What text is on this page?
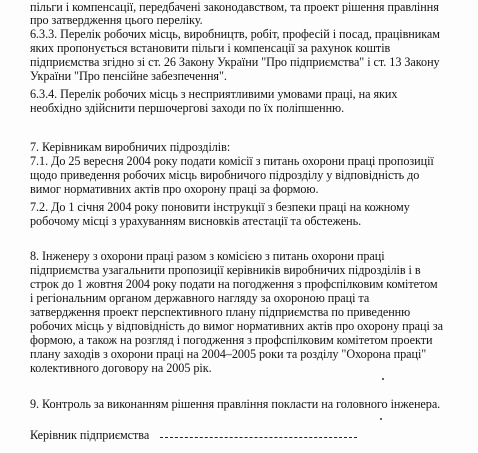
пільги і компенсації, передбачені законодавством, та проект рішення правління
про затвердження цього переліку.
6.3.3. Перелік робочих місць, виробництв, робіт, професій і посад, працівникам
яких пропонується встановити пільги і компенсації за рахунок коштів
підприємства згідно зі ст. 26 Закону України "Про підприємства" і ст. 13 Закону
України "Про пенсійне забезпечення".
6.3.4. Перелік робочих місць з несприятливими умовами праці, на яких
необхідно здійснити першочергові заходи по їх поліпшенню.
7. Керівникам виробничих підрозділів:
7.1. До 25 вересня 2004 року подати комісії з питань охорони праці пропозиції
щодо приведення робочих місць виробничого підрозділу у відповідність до
вимог нормативних актів про охорону праці за формою.
7.2. До 1 січня 2004 року поновити інструкції з безпеки праці на кожному
робочому місці з урахуванням висновків атестації та обстежень.
8. Інженеру з охорони праці разом з комісією з питань охорони праці
підприємства узагальнити пропозиції керівників виробничих підрозділів і в
строк до 1 жовтня 2004 року подати на погодження з профспілковим комітетом
і регіональним органом державного нагляду за охороною праці та
затвердження проект перспективного плану підприємства по приведенню
робочих місць у відповідність до вимог нормативних актів про охорону праці за
формою, а також на розгляд і погодження з профспілковим комітетом проекти
плану заходів з охорони праці на 2004–2005 роки та розділу "Охорона праці"
колективного договору на 2005 рік.
9. Контроль за виконанням рішення правління покласти на головного інженера.
Керівник підприємства
